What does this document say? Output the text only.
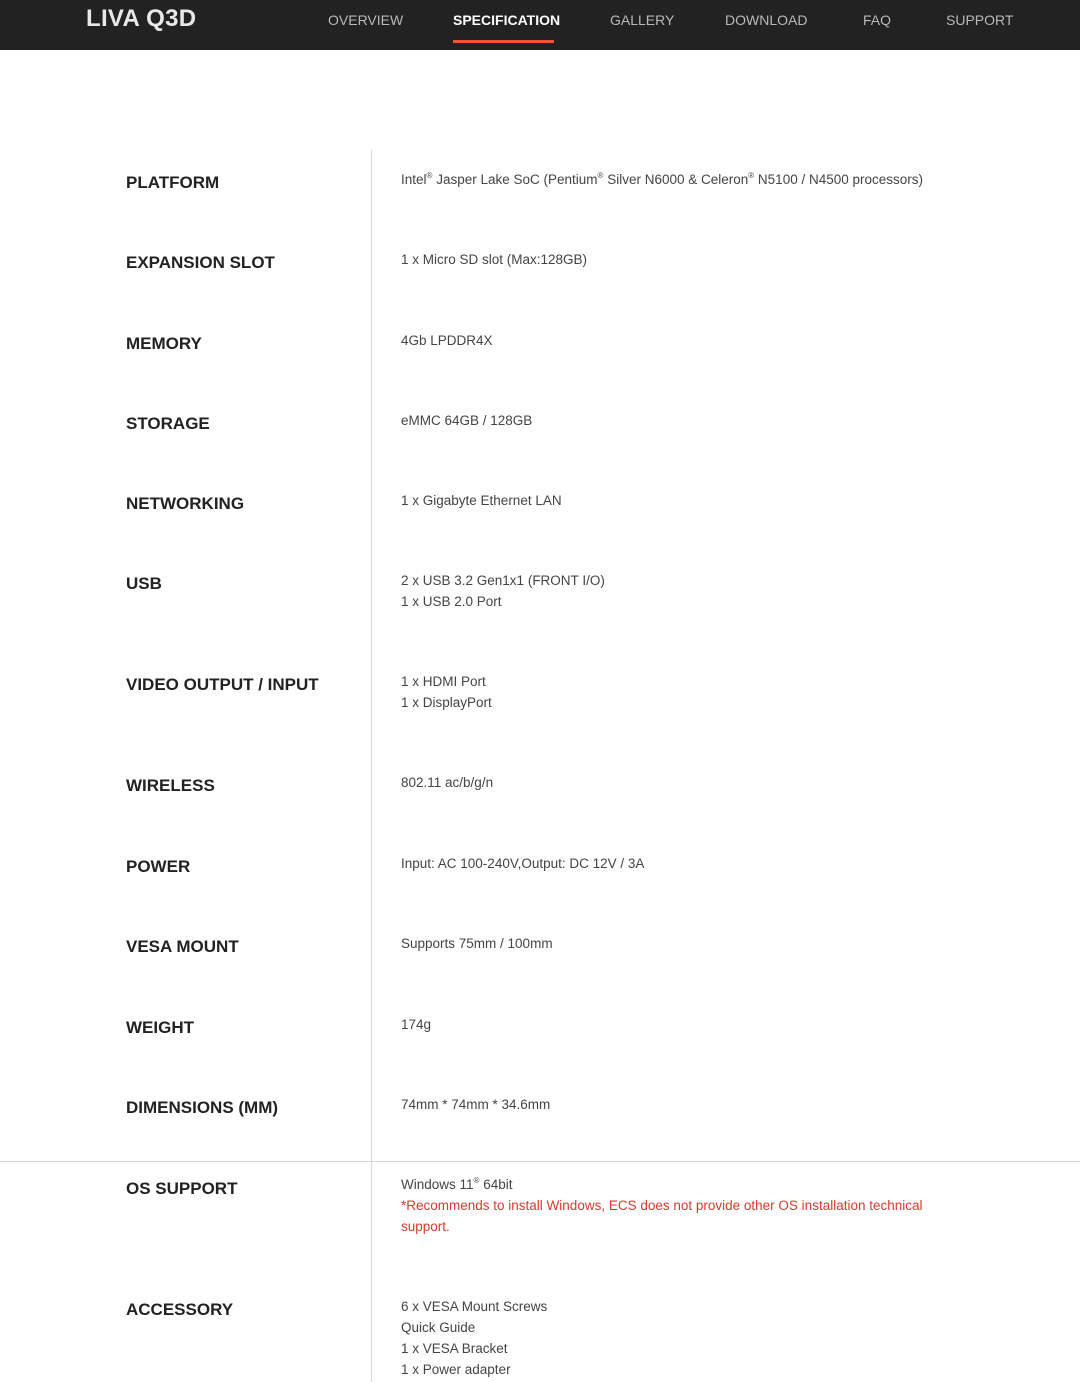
LIVA Q3D	OVERVIEW	SPECIFICATION	GALLERY	DOWNLOAD	FAQ	SUPPORT
PLATFORM	Intel® Jasper Lake SoC (Pentium® Silver N6000 & Celeron® N5100 / N4500 processors)
EXPANSION SLOT	1 x Micro SD slot (Max:128GB)
MEMORY	4Gb LPDDR4X
STORAGE	eMMC 64GB / 128GB
NETWORKING	1 x Gigabyte Ethernet LAN
USB	2 x USB 3.2 Gen1x1 (FRONT I/O)
1 x USB 2.0 Port
VIDEO OUTPUT / INPUT	1 x HDMI Port
1 x DisplayPort
WIRELESS	802.11 ac/b/g/n
POWER	Input: AC 100-240V,Output: DC 12V / 3A
VESA MOUNT	Supports 75mm / 100mm
WEIGHT	174g
DIMENSIONS (MM)	74mm * 74mm * 34.6mm
OS SUPPORT	Windows 11® 64bit
*Recommends to install Windows, ECS does not provide other OS installation technical support.
ACCESSORY	6 x VESA Mount Screws
Quick Guide
1 x VESA Bracket
1 x Power adapter
